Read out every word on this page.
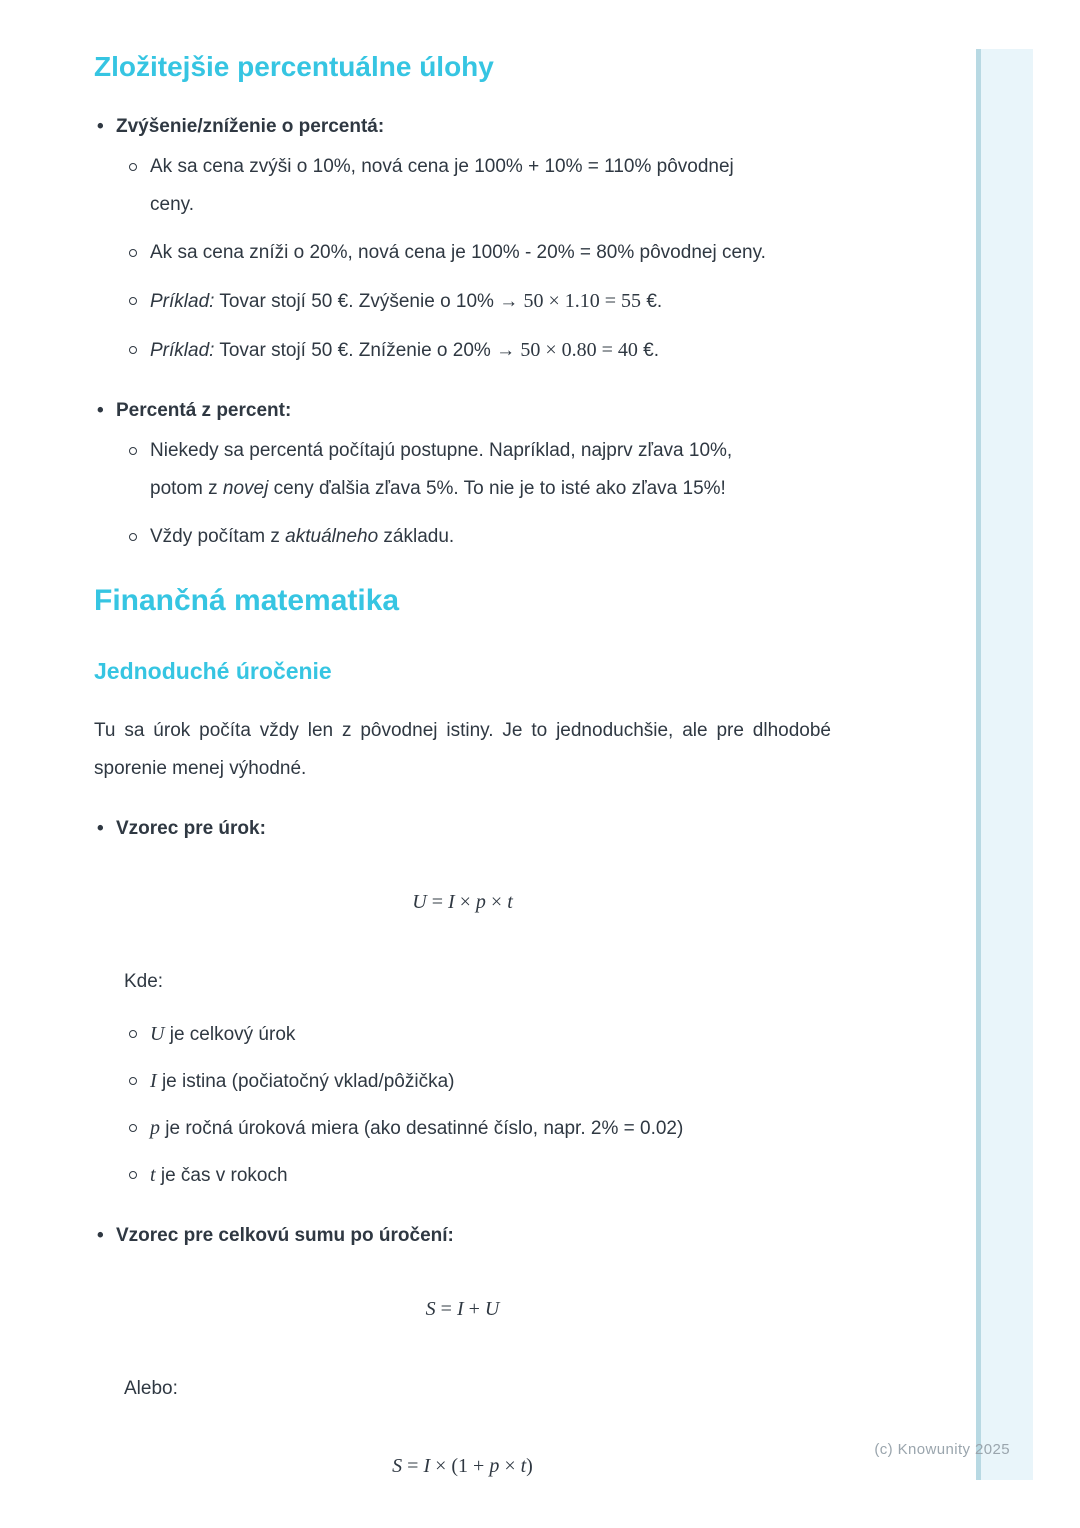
Zložitejšie percentuálne úlohy
• Zvýšenie/zníženie o percentá:
Ak sa cena zvýši o 10%, nová cena je 100% + 10% = 110% pôvodnej ceny.
Ak sa cena zníži o 20%, nová cena je 100% - 20% = 80% pôvodnej ceny.
Príklad: Tovar stojí 50 €. Zvýšenie o 10% → 50 × 1.10 = 55 €.
Príklad: Tovar stojí 50 €. Zníženie o 20% → 50 × 0.80 = 40 €.
• Percentá z percent:
Niekedy sa percentá počítajú postupne. Napríklad, najprv zľava 10%, potom z novej ceny ďalšia zľava 5%. To nie je to isté ako zľava 15%!
Vždy počítam z aktuálneho základu.
Finančná matematika
Jednoduché úročenie

Tu sa úrok počíta vždy len z pôvodnej istiny. Je to jednoduchšie, ale pre dlhodobé sporenie menej výhodné.

• Vzorec pre úrok:
U = I × p × t
Kde:
U je celkový úrok
I je istina (počiatočný vklad/pôžička)
p je ročná úroková miera (ako desatinné číslo, napr. 2% = 0.02)
t je čas v rokoch
• Vzorec pre celkovú sumu po úročení:
S = I + U
Alebo:
S = I × (1 + p × t)
(c) Knowunity 2025
